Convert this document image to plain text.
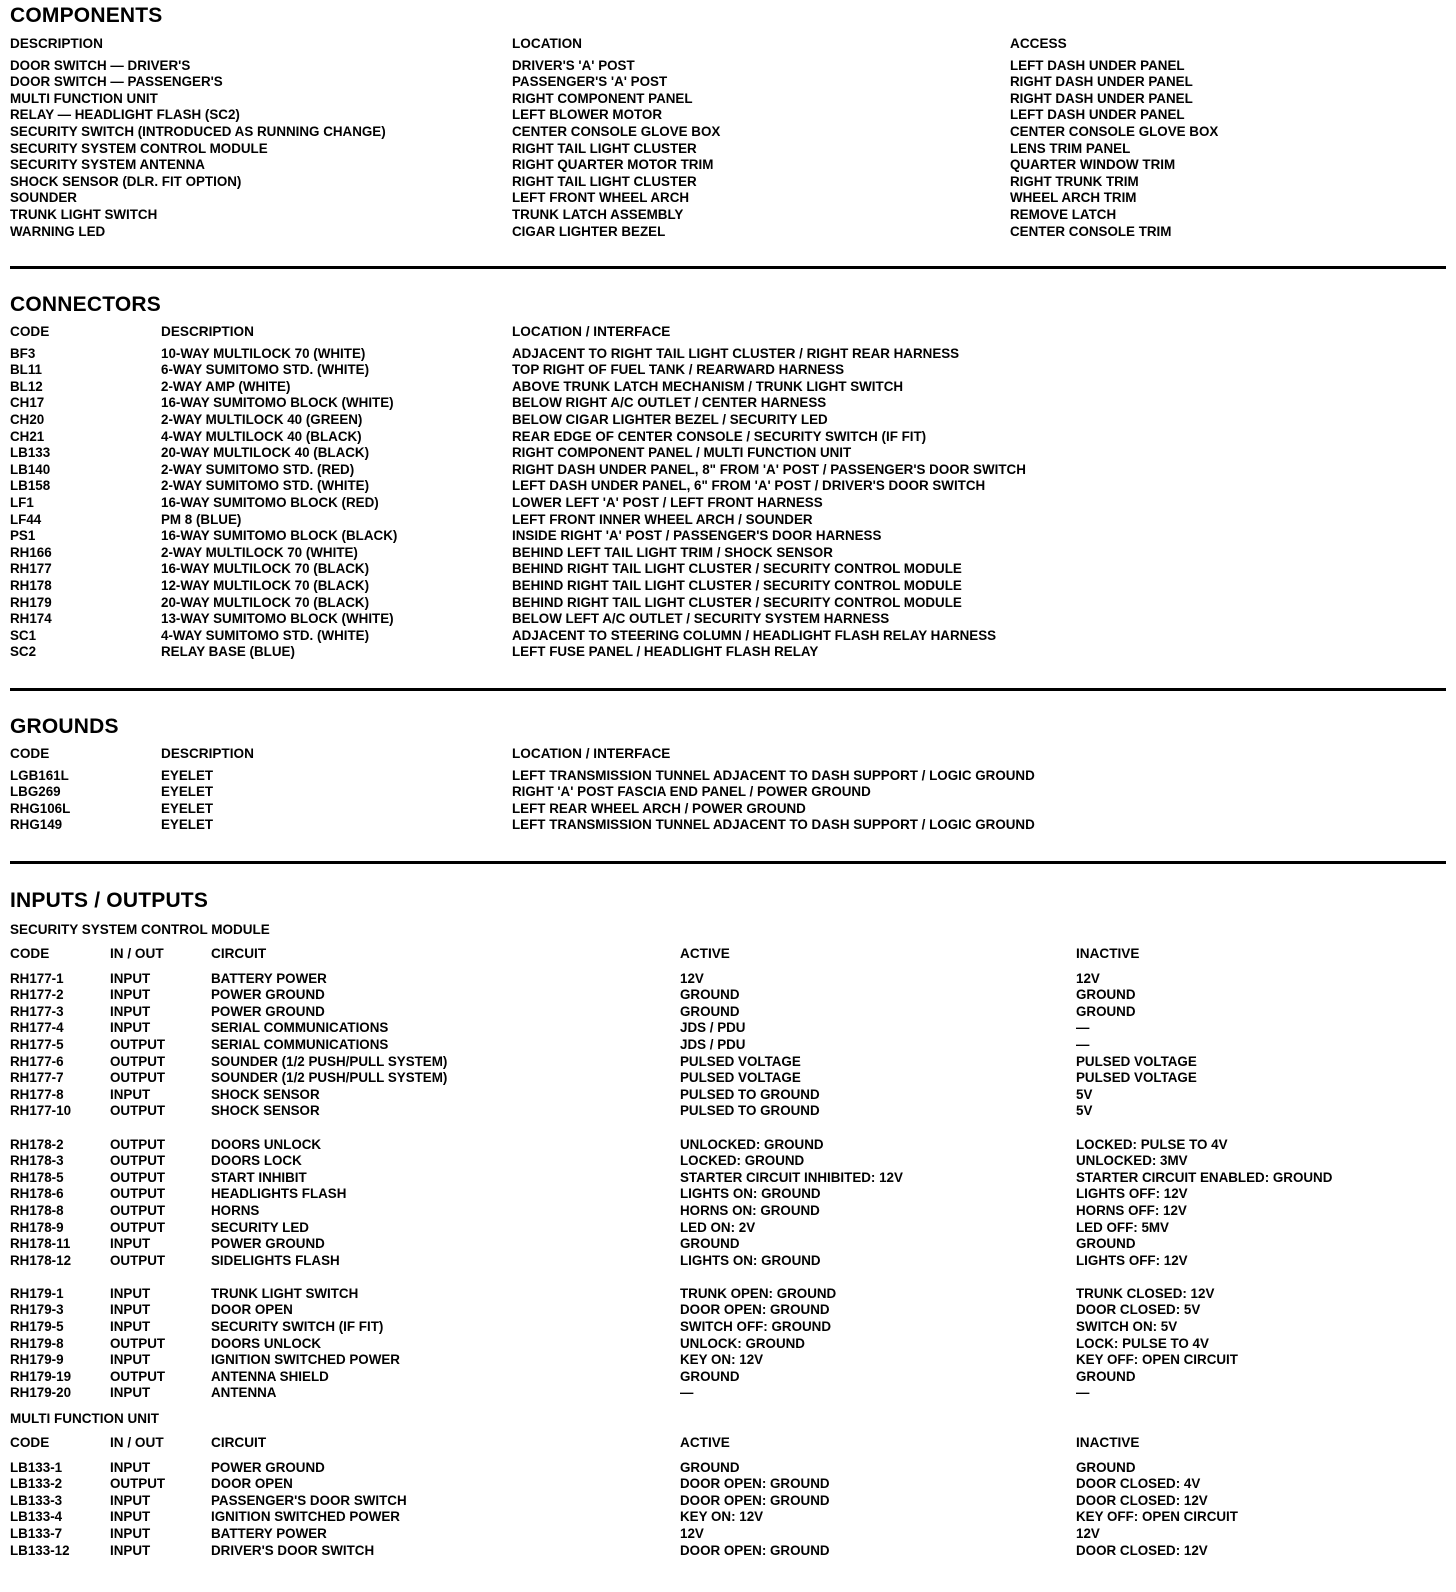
COMPONENTS
DESCRIPTION	LOCATION	ACCESS
DOOR SWITCH — DRIVER'S	DRIVER'S 'A' POST	LEFT DASH UNDER PANEL
DOOR SWITCH — PASSENGER'S	PASSENGER'S 'A' POST	RIGHT DASH UNDER PANEL
MULTI FUNCTION UNIT	RIGHT COMPONENT PANEL	RIGHT DASH UNDER PANEL
RELAY — HEADLIGHT FLASH (SC2)	LEFT BLOWER MOTOR	LEFT DASH UNDER PANEL
SECURITY SWITCH (INTRODUCED AS RUNNING CHANGE)	CENTER CONSOLE GLOVE BOX	CENTER CONSOLE GLOVE BOX
SECURITY SYSTEM CONTROL MODULE	RIGHT TAIL LIGHT CLUSTER	LENS TRIM PANEL
SECURITY SYSTEM ANTENNA	RIGHT QUARTER MOTOR TRIM	QUARTER WINDOW TRIM
SHOCK SENSOR (DLR. FIT OPTION)	RIGHT TAIL LIGHT CLUSTER	RIGHT TRUNK TRIM
SOUNDER	LEFT FRONT WHEEL ARCH	WHEEL ARCH TRIM
TRUNK LIGHT SWITCH	TRUNK LATCH ASSEMBLY	REMOVE LATCH
WARNING LED	CIGAR LIGHTER BEZEL	CENTER CONSOLE TRIM
CONNECTORS
CODE	DESCRIPTION	LOCATION / INTERFACE
BF3	10-WAY MULTILOCK 70 (WHITE)	ADJACENT TO RIGHT TAIL LIGHT CLUSTER / RIGHT REAR HARNESS
BL11	6-WAY SUMITOMO STD. (WHITE)	TOP RIGHT OF FUEL TANK / REARWARD HARNESS
BL12	2-WAY AMP (WHITE)	ABOVE TRUNK LATCH MECHANISM / TRUNK LIGHT SWITCH
CH17	16-WAY SUMITOMO BLOCK (WHITE)	BELOW RIGHT A/C OUTLET / CENTER HARNESS
CH20	2-WAY MULTILOCK 40 (GREEN)	BELOW CIGAR LIGHTER BEZEL / SECURITY LED
CH21	4-WAY MULTILOCK 40 (BLACK)	REAR EDGE OF CENTER CONSOLE / SECURITY SWITCH (IF FIT)
LB133	20-WAY MULTILOCK 40 (BLACK)	RIGHT COMPONENT PANEL / MULTI FUNCTION UNIT
LB140	2-WAY SUMITOMO STD. (RED)	RIGHT DASH UNDER PANEL, 8" FROM 'A' POST / PASSENGER'S DOOR SWITCH
LB158	2-WAY SUMITOMO STD. (WHITE)	LEFT DASH UNDER PANEL, 6" FROM 'A' POST / DRIVER'S DOOR SWITCH
LF1	16-WAY SUMITOMO BLOCK (RED)	LOWER LEFT 'A' POST / LEFT FRONT HARNESS
LF44	PM 8 (BLUE)	LEFT FRONT INNER WHEEL ARCH / SOUNDER
PS1	16-WAY SUMITOMO BLOCK (BLACK)	INSIDE RIGHT 'A' POST / PASSENGER'S DOOR HARNESS
RH166	2-WAY MULTILOCK 70 (WHITE)	BEHIND LEFT TAIL LIGHT TRIM / SHOCK SENSOR
RH177	16-WAY MULTILOCK 70 (BLACK)	BEHIND RIGHT TAIL LIGHT CLUSTER / SECURITY CONTROL MODULE
RH178	12-WAY MULTILOCK 70 (BLACK)	BEHIND RIGHT TAIL LIGHT CLUSTER / SECURITY CONTROL MODULE
RH179	20-WAY MULTILOCK 70 (BLACK)	BEHIND RIGHT TAIL LIGHT CLUSTER / SECURITY CONTROL MODULE
RH174	13-WAY SUMITOMO BLOCK (WHITE)	BELOW LEFT A/C OUTLET / SECURITY SYSTEM HARNESS
SC1	4-WAY SUMITOMO STD. (WHITE)	ADJACENT TO STEERING COLUMN / HEADLIGHT FLASH RELAY HARNESS
SC2	RELAY BASE (BLUE)	LEFT FUSE PANEL / HEADLIGHT FLASH RELAY
GROUNDS
CODE	DESCRIPTION	LOCATION / INTERFACE
LGB161L	EYELET	LEFT TRANSMISSION TUNNEL ADJACENT TO DASH SUPPORT / LOGIC GROUND
LBG269	EYELET	RIGHT 'A' POST FASCIA END PANEL / POWER GROUND
RHG106L	EYELET	LEFT REAR WHEEL ARCH / POWER GROUND
RHG149	EYELET	LEFT TRANSMISSION TUNNEL ADJACENT TO DASH SUPPORT / LOGIC GROUND
INPUTS / OUTPUTS
SECURITY SYSTEM CONTROL MODULE
CODE	IN / OUT	CIRCUIT	ACTIVE	INACTIVE
RH177-1	INPUT	BATTERY POWER	12V	12V
RH177-2	INPUT	POWER GROUND	GROUND	GROUND
RH177-3	INPUT	POWER GROUND	GROUND	GROUND
RH177-4	INPUT	SERIAL COMMUNICATIONS	JDS / PDU	—
RH177-5	OUTPUT	SERIAL COMMUNICATIONS	JDS / PDU	—
RH177-6	OUTPUT	SOUNDER (1/2 PUSH/PULL SYSTEM)	PULSED VOLTAGE	PULSED VOLTAGE
RH177-7	OUTPUT	SOUNDER (1/2 PUSH/PULL SYSTEM)	PULSED VOLTAGE	PULSED VOLTAGE
RH177-8	INPUT	SHOCK SENSOR	PULSED TO GROUND	5V
RH177-10	OUTPUT	SHOCK SENSOR	PULSED TO GROUND	5V
RH178-2	OUTPUT	DOORS UNLOCK	UNLOCKED: GROUND	LOCKED: PULSE TO 4V
RH178-3	OUTPUT	DOORS LOCK	LOCKED: GROUND	UNLOCKED: 3MV
RH178-5	OUTPUT	START INHIBIT	STARTER CIRCUIT INHIBITED: 12V	STARTER CIRCUIT ENABLED: GROUND
RH178-6	OUTPUT	HEADLIGHTS FLASH	LIGHTS ON: GROUND	LIGHTS OFF: 12V
RH178-8	OUTPUT	HORNS	HORNS ON: GROUND	HORNS OFF: 12V
RH178-9	OUTPUT	SECURITY LED	LED ON: 2V	LED OFF: 5MV
RH178-11	INPUT	POWER GROUND	GROUND	GROUND
RH178-12	OUTPUT	SIDELIGHTS FLASH	LIGHTS ON: GROUND	LIGHTS OFF: 12V
RH179-1	INPUT	TRUNK LIGHT SWITCH	TRUNK OPEN: GROUND	TRUNK CLOSED: 12V
RH179-3	INPUT	DOOR OPEN	DOOR OPEN: GROUND	DOOR CLOSED: 5V
RH179-5	INPUT	SECURITY SWITCH (IF FIT)	SWITCH OFF: GROUND	SWITCH ON: 5V
RH179-8	OUTPUT	DOORS UNLOCK	UNLOCK: GROUND	LOCK: PULSE TO 4V
RH179-9	INPUT	IGNITION SWITCHED POWER	KEY ON: 12V	KEY OFF: OPEN CIRCUIT
RH179-19	OUTPUT	ANTENNA SHIELD	GROUND	GROUND
RH179-20	INPUT	ANTENNA	—	—
MULTI FUNCTION UNIT
CODE	IN / OUT	CIRCUIT	ACTIVE	INACTIVE
LB133-1	INPUT	POWER GROUND	GROUND	GROUND
LB133-2	OUTPUT	DOOR OPEN	DOOR OPEN: GROUND	DOOR CLOSED: 4V
LB133-3	INPUT	PASSENGER'S DOOR SWITCH	DOOR OPEN: GROUND	DOOR CLOSED: 12V
LB133-4	INPUT	IGNITION SWITCHED POWER	KEY ON: 12V	KEY OFF: OPEN CIRCUIT
LB133-7	INPUT	BATTERY POWER	12V	12V
LB133-12	INPUT	DRIVER'S DOOR SWITCH	DOOR OPEN: GROUND	DOOR CLOSED: 12V
